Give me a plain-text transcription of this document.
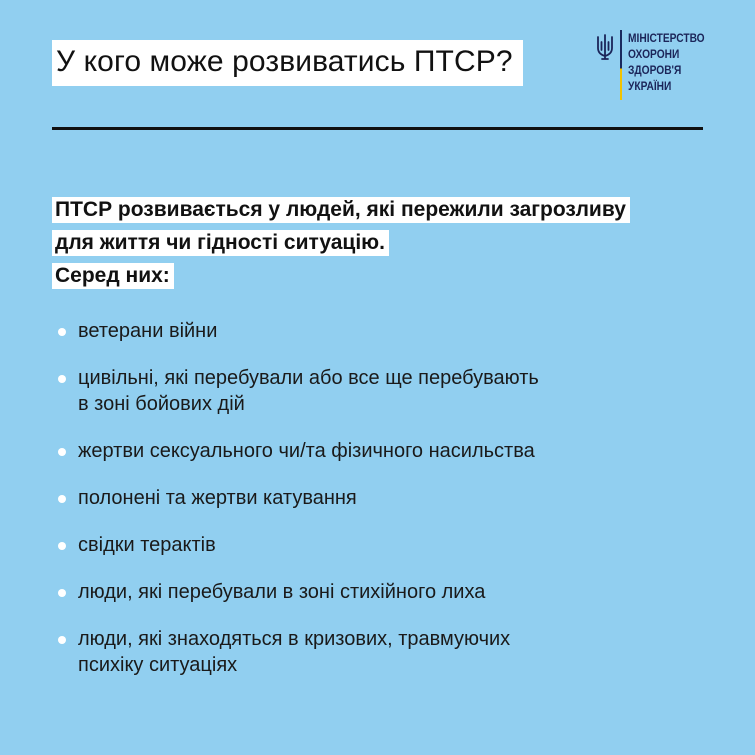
У кого може розвиватись ПТСР?
МІНІСТЕРСТВО
ОХОРОНИ
ЗДОРОВ'Я
УКРАЇНИ
ПТСР розвивається у людей, які пережили загрозливу
для життя чи гідності ситуацію.
Серед них:
ветерани війни
цивільні, які перебували або все ще перебувають
в зоні бойових дій
жертви сексуального чи/та фізичного насильства
полонені та жертви катування
свідки терактів
люди, які перебували в зоні стихійного лиха
люди, які знаходяться в кризових, травмуючих
психіку ситуаціях
